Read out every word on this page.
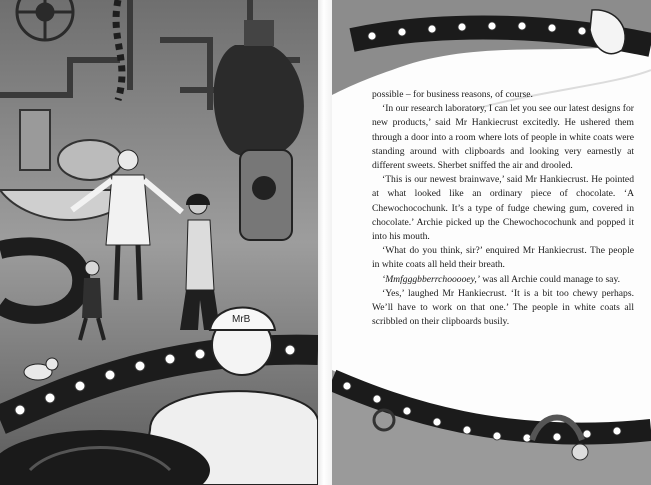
MrB

possible – for business reasons, of course.

‘In our research laboratory, I can let you see our latest designs for new products,’ said Mr Hankiecrust excitedly. He ushered them through a door into a room where lots of people in white coats were standing around with clipboards and looking very earnestly at different sweets. Sherbet sniffed the air and drooled.

‘This is our newest brainwave,’ said Mr Hankiecrust. He pointed at what looked like an ordinary piece of chocolate. ‘A Chewochocochunk. It’s a type of fudge chewing gum, covered in chocolate.’ Archie picked up the Chewochocochunk and popped it into his mouth.

‘What do you think, sir?’ enquired Mr Hankiecrust. The people in white coats all held their breath.

‘Mmfgggbberrchooooey,’ was all Archie could manage to say.

‘Yes,’ laughed Mr Hankiecrust. ‘It is a bit too chewy perhaps. We’ll have to work on that one.’ The people in white coats all scribbled on their clipboards busily.
